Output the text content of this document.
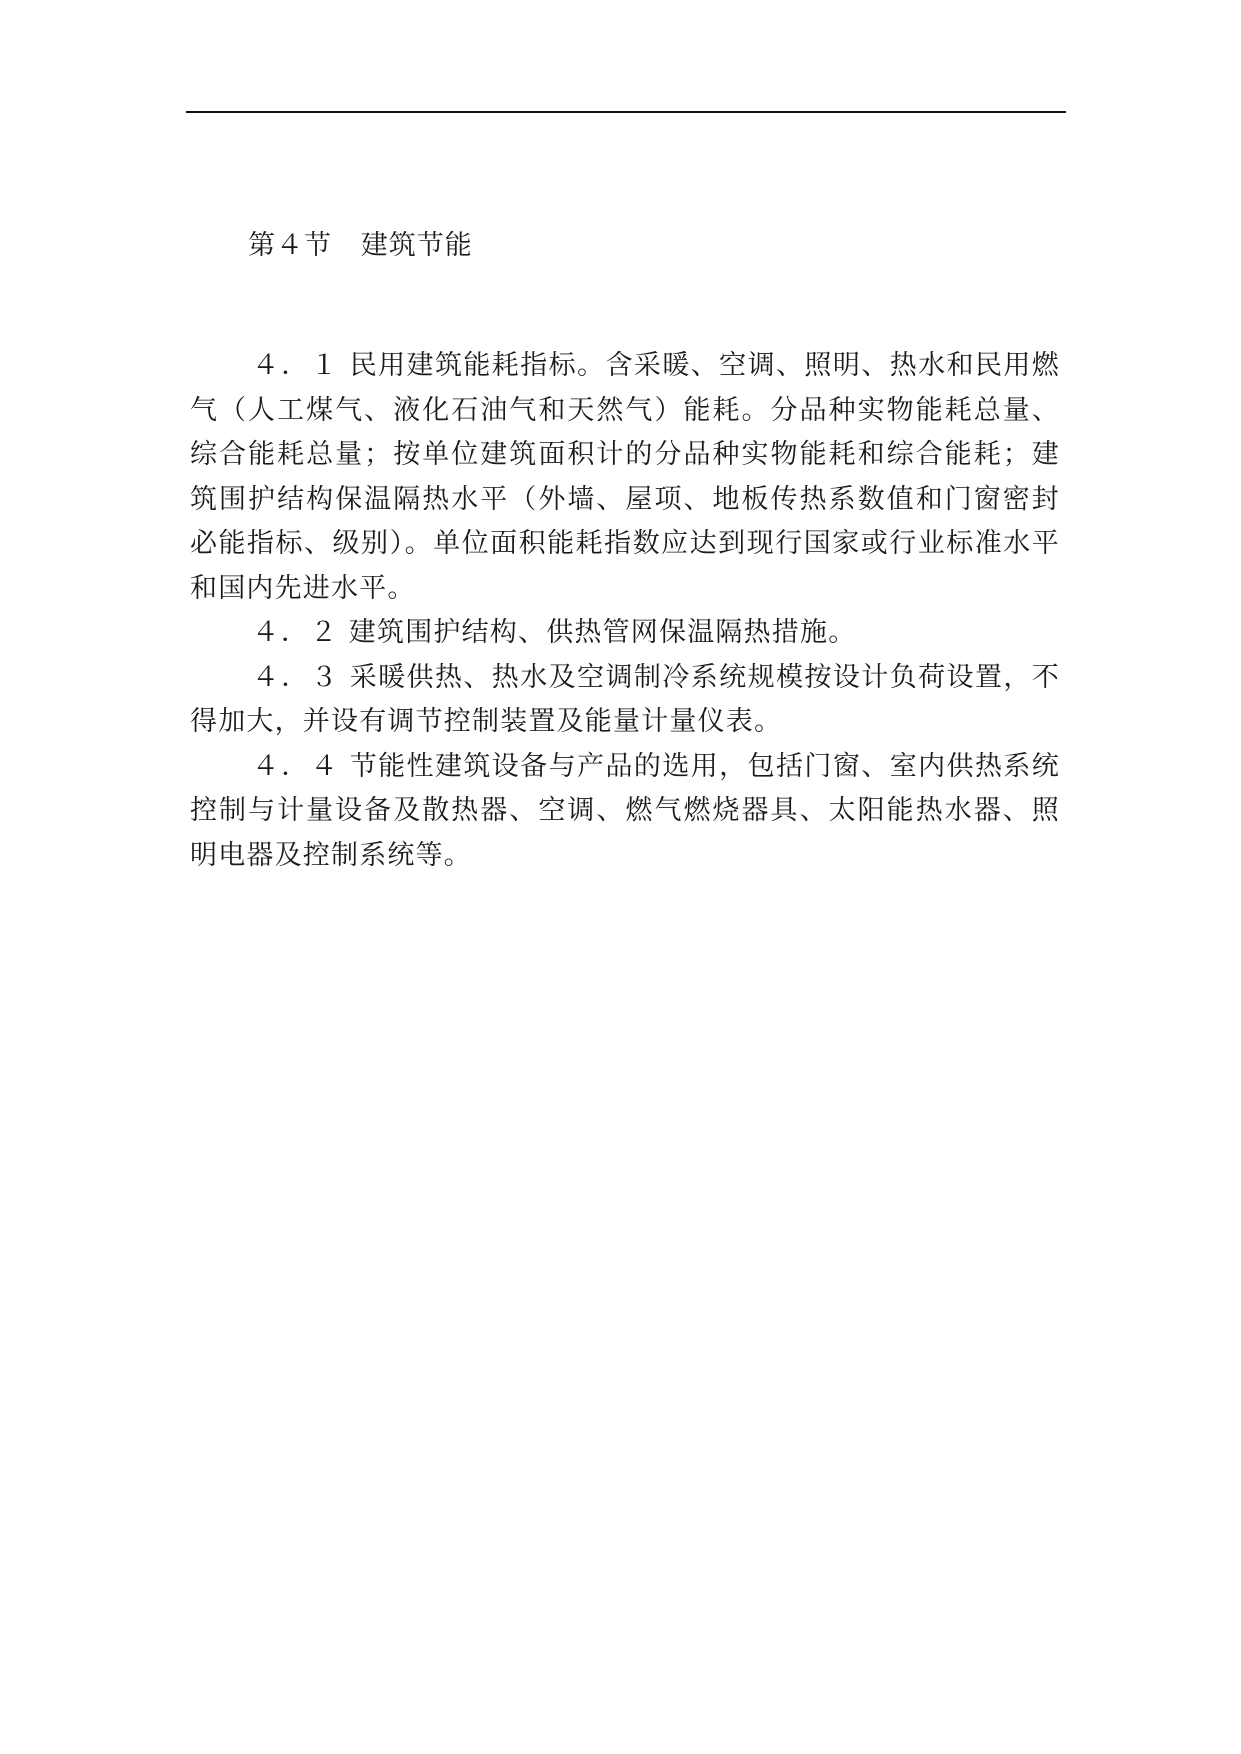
第４节 建筑节能

４．１ 民用建筑能耗指标。含采暖、空调、照明、热水和民用燃气（人工煤气、液化石油气和天然气）能耗。分品种实物能耗总量、综合能耗总量；按单位建筑面积计的分品种实物能耗和综合能耗；建筑围护结构保温隔热水平（外墙、屋项、地板传热系数值和门窗密封必能指标、级别）。单位面积能耗指数应达到现行国家或行业标准水平和国内先进水平。

４．２ 建筑围护结构、供热管网保温隔热措施。

４．３ 采暖供热、热水及空调制冷系统规模按设计负荷设置，不得加大，并设有调节控制装置及能量计量仪表。

４．４ 节能性建筑设备与产品的选用，包括门窗、室内供热系统控制与计量设备及散热器、空调、燃气燃烧器具、太阳能热水器、照明电器及控制系统等。
